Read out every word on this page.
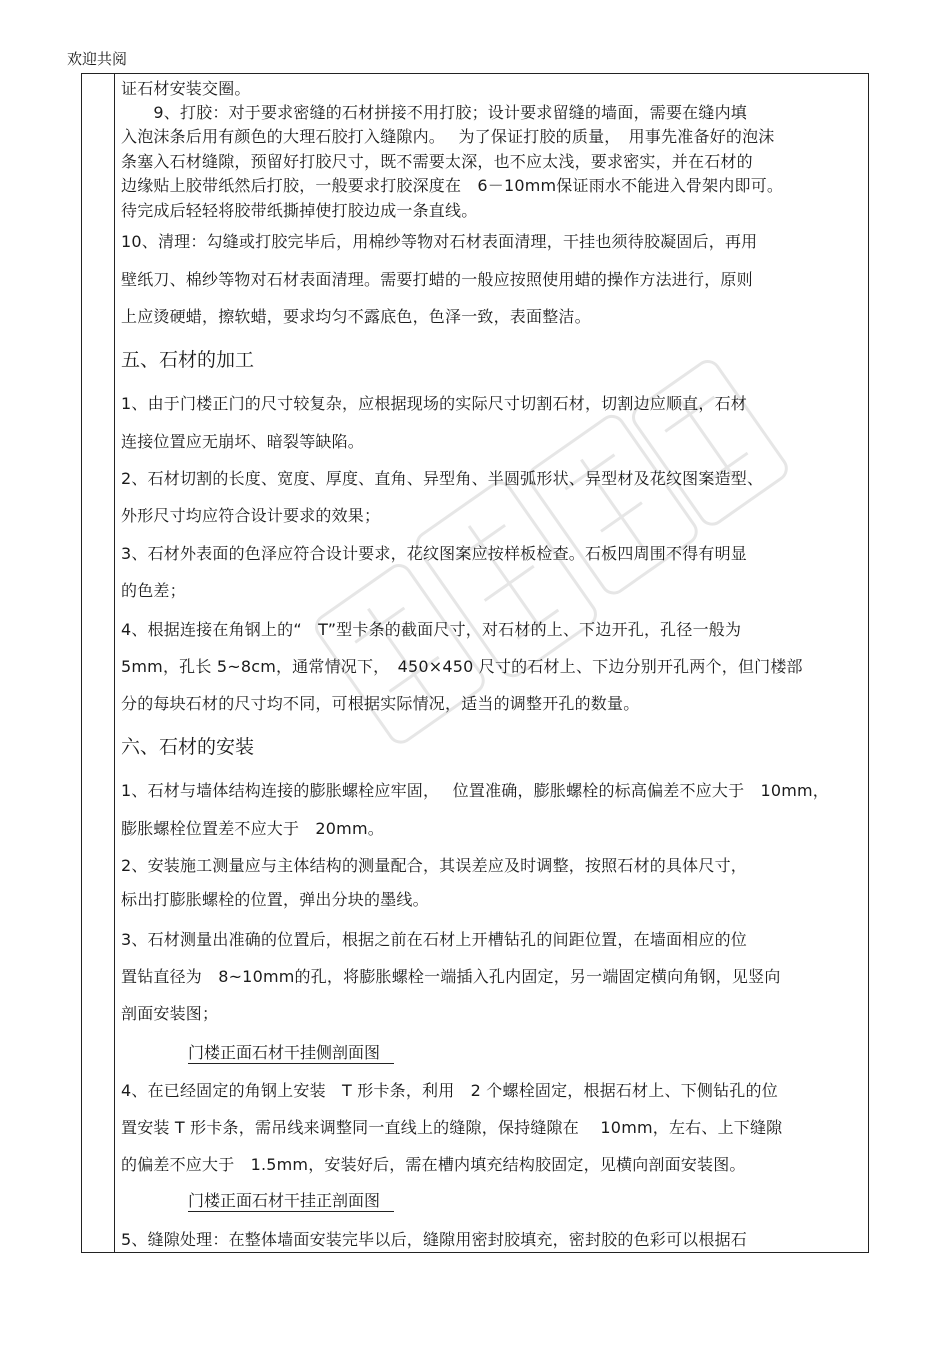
欢迎共阅
证石材安装交圈。
　　9、打胶：对于要求密缝的石材拼接不用打胶；设计要求留缝的墙面，需要在缝内填
入泡沫条后用有颜色的大理石胶打入缝隙内。　 为了保证打胶的质量，　用事先准备好的泡沫
条塞入石材缝隙，预留好打胶尺寸，既不需要太深，也不应太浅，要求密实，并在石材的
边缘贴上胶带纸然后打胶，一般要求打胶深度在　6－10mm保证雨水不能进入骨架内即可。
待完成后轻轻将胶带纸撕掉使打胶边成一条直线。
10、清理：勾缝或打胶完毕后，用棉纱等物对石材表面清理，干挂也须待胶凝固后，再用
壁纸刀、棉纱等物对石材表面清理。需要打蜡的一般应按照使用蜡的操作方法进行，原则
上应烫硬蜡，擦软蜡，要求均匀不露底色，色泽一致，表面整洁。
五、石材的加工
1、由于门楼正门的尺寸较复杂，应根据现场的实际尺寸切割石材，切割边应顺直，石材
连接位置应无崩坏、暗裂等缺陷。
2、石材切割的长度、宽度、厚度、直角、异型角、半圆弧形状、异型材及花纹图案造型、
外形尺寸均应符合设计要求的效果；
3、石材外表面的色泽应符合设计要求，花纹图案应按样板检查。石板四周围不得有明显
的色差；
4、根据连接在角钢上的“　T”型卡条的截面尺寸，对石材的上、下边开孔，孔径一般为
5mm，孔长 5~8cm，通常情况下，　450×450 尺寸的石材上、下边分别开孔两个，但门楼部
分的每块石材的尺寸均不同，可根据实际情况，适当的调整开孔的数量。
六、石材的安装
1、石材与墙体结构连接的膨胀螺栓应牢固，　 位置准确，膨胀螺栓的标高偏差不应大于　10mm，
膨胀螺栓位置差不应大于　20mm。
2、安装施工测量应与主体结构的测量配合，其误差应及时调整，按照石材的具体尺寸，
标出打膨胀螺栓的位置，弹出分块的墨线。
3、石材测量出准确的位置后，根据之前在石材上开槽钻孔的间距位置，在墙面相应的位
置钻直径为　8~10mm的孔，将膨胀螺栓一端插入孔内固定，另一端固定横向角钢，见竖向
剖面安装图；
门楼正面石材干挂侧剖面图
4、在已经固定的角钢上安装　T 形卡条，利用　2 个螺栓固定，根据石材上、下侧钻孔的位
置安装 T 形卡条，需吊线来调整同一直线上的缝隙，保持缝隙在　 10mm，左右、上下缝隙
的偏差不应大于　1.5mm，安装好后，需在槽内填充结构胶固定，见横向剖面安装图。
门楼正面石材干挂正剖面图
5、缝隙处理：在整体墙面安装完毕以后，缝隙用密封胶填充，密封胶的色彩可以根据石
